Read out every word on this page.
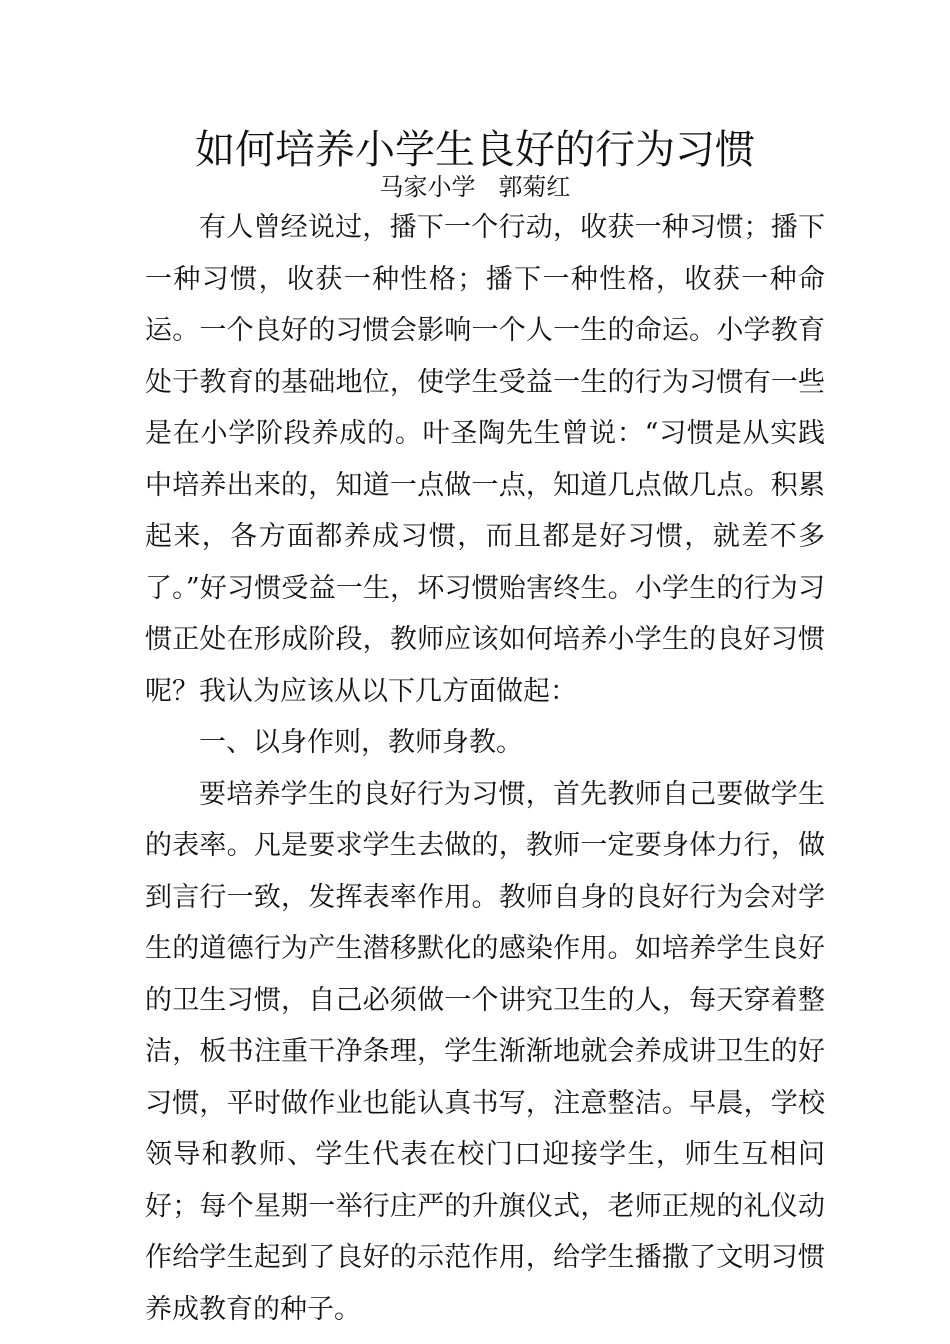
如何培养小学生良好的行为习惯
马家小学   郭菊红

有人曾经说过，播下一个行动，收获一种习惯；播下一种习惯，收获一种性格；播下一种性格，收获一种命运。一个良好的习惯会影响一个人一生的命运。小学教育处于教育的基础地位，使学生受益一生的行为习惯有一些是在小学阶段养成的。叶圣陶先生曾说：“习惯是从实践中培养出来的，知道一点做一点，知道几点做几点。积累起来，各方面都养成习惯，而且都是好习惯，就差不多了。”好习惯受益一生，坏习惯贻害终生。小学生的行为习惯正处在形成阶段，教师应该如何培养小学生的良好习惯呢？我认为应该从以下几方面做起：

一、以身作则，教师身教。

要培养学生的良好行为习惯，首先教师自己要做学生的表率。凡是要求学生去做的，教师一定要身体力行，做到言行一致，发挥表率作用。教师自身的良好行为会对学生的道德行为产生潜移默化的感染作用。如培养学生良好的卫生习惯，自己必须做一个讲究卫生的人，每天穿着整洁，板书注重干净条理，学生渐渐地就会养成讲卫生的好习惯，平时做作业也能认真书写，注意整洁。早晨，学校领导和教师、学生代表在校门口迎接学生，师生互相问好；每个星期一举行庄严的升旗仪式，老师正规的礼仪动作给学生起到了良好的示范作用，给学生播撒了文明习惯养成教育的种子。
